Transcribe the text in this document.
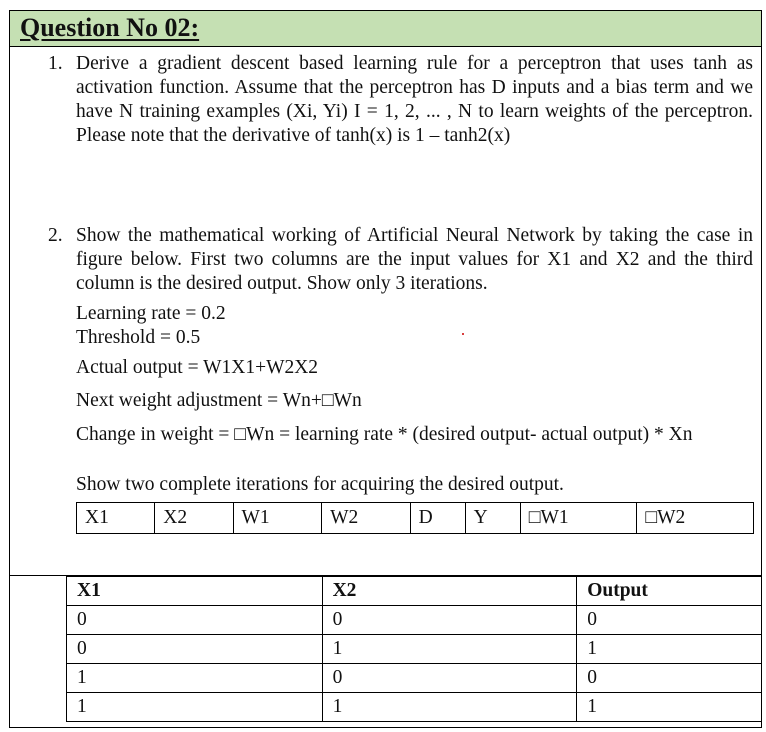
Question No 02:
1. Derive a gradient descent based learning rule for a perceptron that uses tanh as activation function. Assume that the perceptron has D inputs and a bias term and we have N training examples (Xi, Yi) I = 1, 2, ... , N to learn weights of the perceptron. Please note that the derivative of tanh(x) is 1 – tanh2(x)
2. Show the mathematical working of Artificial Neural Network by taking the case in figure below. First two columns are the input values for X1 and X2 and the third column is the desired output. Show only 3 iterations.
Learning rate = 0.2
Threshold = 0.5
Actual output = W1X1+W2X2
Next weight adjustment = Wn+□Wn
Change in weight = □Wn = learning rate * (desired output- actual output) * Xn
Show two complete iterations for acquiring the desired output.
X1	X2	W1	W2	D	Y	□W1	□W2
X1	X2	Output
0	0	0
0	1	1
1	0	0
1	1	1
